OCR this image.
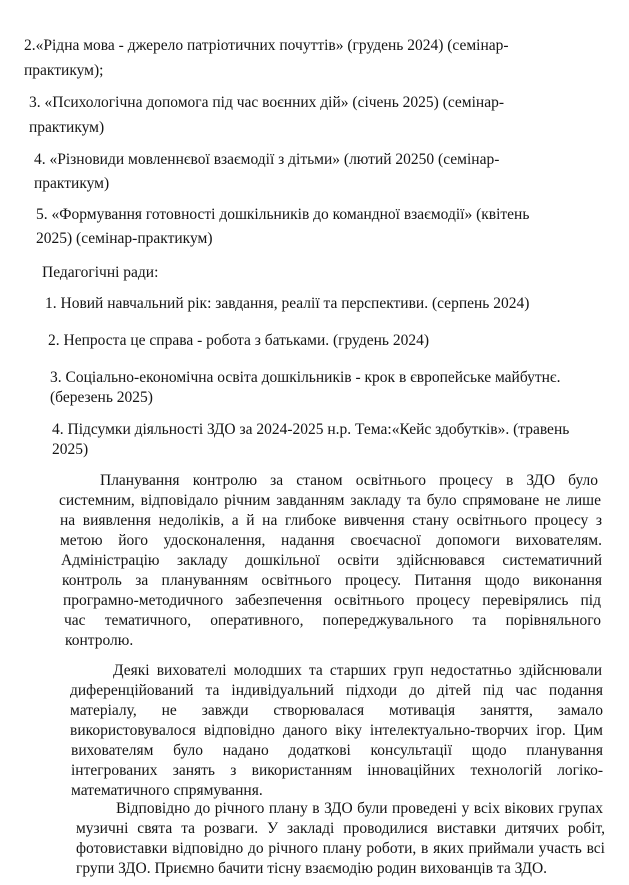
2.«Рідна мова - джерело патріотичних почуттів» (грудень 2024) (семінар-

практикум);

3. «Психологічна допомога під час воєнних дій» (січень 2025) (семінар-

практикум)

4. «Різновиди мовленнєвої взаємодії з дітьми» (лютий 20250 (семінар-

практикум)

5. «Формування готовності дошкільників до командної взаємодії» (квітень

2025) (семінар-практикум)

Педагогічні ради:

1. Новий навчальний рік: завдання, реалії та перспективи. (серпень 2024)

2. Непроста це справа - робота з батьками. (грудень 2024)

3. Соціально-економічна освіта дошкільників - крок в європейське майбутнє.

(березень 2025)

4. Підсумки діяльності ЗДО за 2024-2025 н.р. Тема:«Кейс здобутків». (травень

2025)

Планування контролю за станом освітнього процесу в ЗДО було

системним, відповідало річним завданням закладу та було спрямоване не лише

на виявлення недоліків, а й на глибоке вивчення стану освітнього процесу з

метою його удосконалення, надання своєчасної допомоги вихователям.

Адміністрацію закладу дошкільної освіти здійснювався систематичний

контроль за плануванням освітнього процесу. Питання щодо виконання

програмно-методичного забезпечення освітнього процесу перевірялись під

час тематичного, оперативного, попереджувального та порівняльного

контролю.

Деякі вихователі молодших та старших груп недостатньо здійснювали

диференційований та індивідуальний підходи до дітей під час подання

матеріалу, не завжди створювалася мотивація заняття, замало

використовувалося відповідно даного віку інтелектуально-творчих ігор. Цим

вихователям було надано додаткові консультації щодо планування

інтегрованих занять з використанням інноваційних технологій логіко-

математичного спрямування.

Відповідно до річного плану в ЗДО були проведені у всіх вікових групах

музичні свята та розваги. У закладі проводилися виставки дитячих робіт,

фотовиставки відповідно до річного плану роботи, в яких приймали участь всі

групи ЗДО. Приємно бачити тісну взаємодію родин вихованців та ЗДО.
